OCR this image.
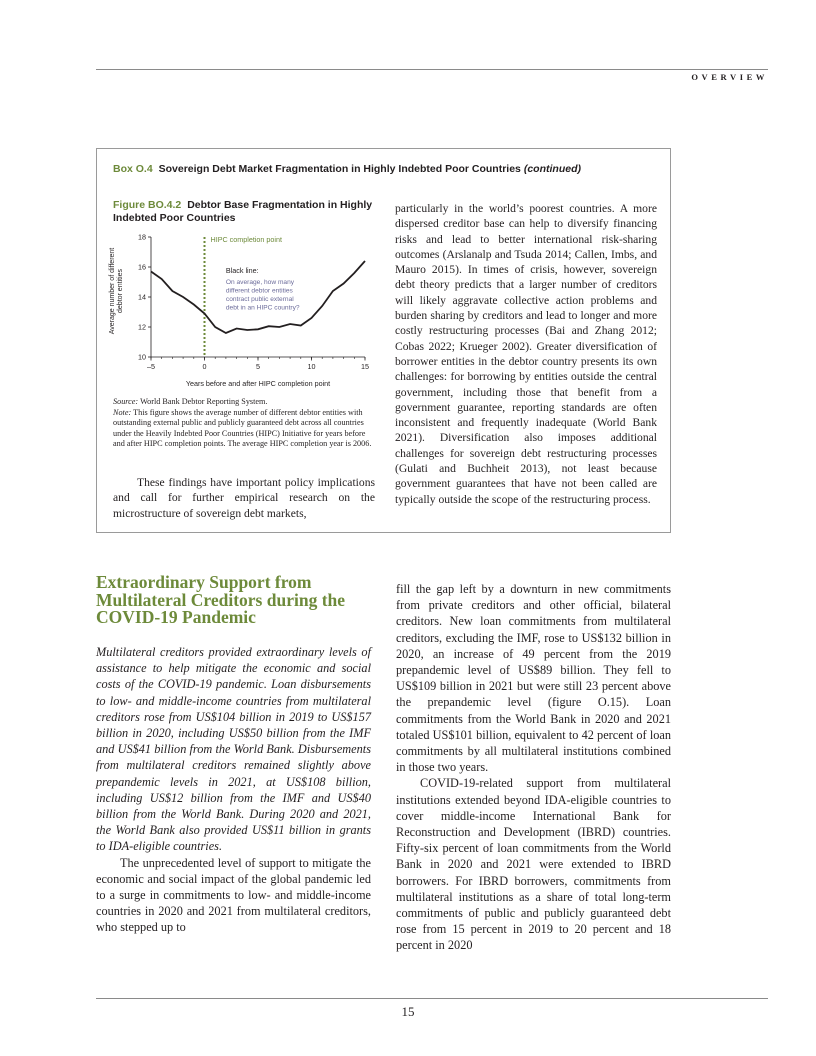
OVERVIEW
Box O.4 Sovereign Debt Market Fragmentation in Highly Indebted Poor Countries (continued)
Figure BO.4.2 Debtor Base Fragmentation in Highly Indebted Poor Countries
Average number of different debtor entities
10
12
14
16
18
–5	0	5	10	15
HIPC completion point
Black line:
On average, how many
different debtor entities
contract public external
debt in an HIPC country?
Years before and after HIPC completion point

Source: World Bank Debtor Reporting System.

Note: This figure shows the average number of different debtor entities with outstanding external public and publicly guaranteed debt across all countries under the Heavily Indebted Poor Countries (HIPC) Initiative for years before and after HIPC completion points. The average HIPC completion year is 2006.

These findings have important policy implications and call for further empirical research on the microstructure of sovereign debt markets,

particularly in the world’s poorest countries. A more dispersed creditor base can help to diversify financing risks and lead to better international risk-sharing outcomes (Arslanalp and Tsuda 2014; Callen, Imbs, and Mauro 2015). In times of crisis, however, sovereign debt theory predicts that a larger number of creditors will likely aggravate collective action problems and burden sharing by creditors and lead to longer and more costly restructuring processes (Bai and Zhang 2012; Cobas 2022; Krueger 2002). Greater diversification of borrower entities in the debtor country presents its own challenges: for borrowing by entities outside the central government, including those that benefit from a government guarantee, reporting standards are often inconsistent and frequently inadequate (World Bank 2021). Diversification also imposes additional challenges for sovereign debt restructuring processes (Gulati and Buchheit 2013), not least because government guarantees that have not been called are typically outside the scope of the restructuring process.

Extraordinary Support from
Multilateral Creditors during the
COVID-19 Pandemic

Multilateral creditors provided extraordinary levels of assistance to help mitigate the economic and social costs of the COVID-19 pandemic. Loan disbursements to low- and middle-income countries from multilateral creditors rose from US$104 billion in 2019 to US$157 billion in 2020, including US$50 billion from the IMF and US$41 billion from the World Bank. Disbursements from multilateral creditors remained slightly above prepandemic levels in 2021, at US$108 billion, including US$12 billion from the IMF and US$40 billion from the World Bank. During 2020 and 2021, the World Bank also provided US$11 billion in grants to IDA-eligible countries.

The unprecedented level of support to mitigate the economic and social impact of the global pandemic led to a surge in commitments to low- and middle-income countries in 2020 and 2021 from multilateral creditors, who stepped up to

fill the gap left by a downturn in new commitments from private creditors and other official, bilateral creditors. New loan commitments from multilateral creditors, excluding the IMF, rose to US$132 billion in 2020, an increase of 49 percent from the 2019 prepandemic level of US$89 billion. They fell to US$109 billion in 2021 but were still 23 percent above the prepandemic level (figure O.15). Loan commitments from the World Bank in 2020 and 2021 totaled US$101 billion, equivalent to 42 percent of loan commitments by all multilateral institutions combined in those two years.

COVID-19-related support from multilateral institutions extended beyond IDA-eligible countries to cover middle-income International Bank for Reconstruction and Development (IBRD) countries. Fifty-six percent of loan commitments from the World Bank in 2020 and 2021 were extended to IBRD borrowers. For IBRD borrowers, commitments from multilateral institutions as a share of total long-term commitments of public and publicly guaranteed debt rose from 15 percent in 2019 to 20 percent and 18 percent in 2020

15
